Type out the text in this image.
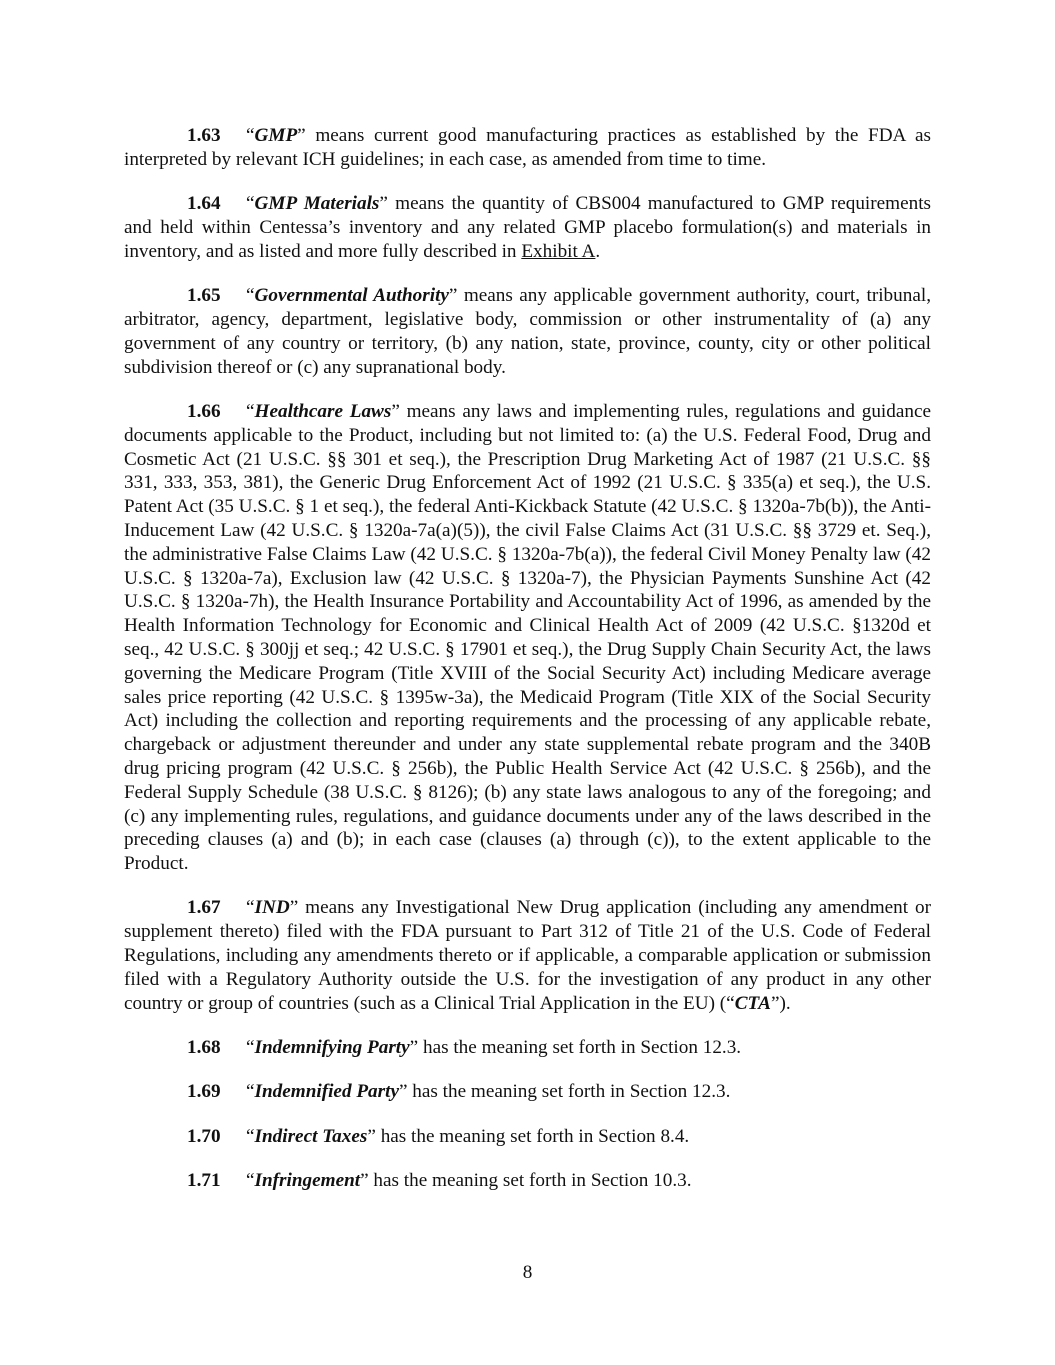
1.63 “GMP” means current good manufacturing practices as established by the FDA as interpreted by relevant ICH guidelines; in each case, as amended from time to time.

1.64 “GMP Materials” means the quantity of CBS004 manufactured to GMP requirements and held within Centessa’s inventory and any related GMP placebo formulation(s) and materials in inventory, and as listed and more fully described in Exhibit A.

1.65 “Governmental Authority” means any applicable government authority, court, tribunal, arbitrator, agency, department, legislative body, commission or other instrumentality of (a) any government of any country or territory, (b) any nation, state, province, county, city or other political subdivision thereof or (c) any supranational body.

1.66 “Healthcare Laws” means any laws and implementing rules, regulations and guidance documents applicable to the Product, including but not limited to: (a) the U.S. Federal Food, Drug and Cosmetic Act (21 U.S.C. §§ 301 et seq.), the Prescription Drug Marketing Act of 1987 (21 U.S.C. §§ 331, 333, 353, 381), the Generic Drug Enforcement Act of 1992 (21 U.S.C. § 335(a) et seq.), the U.S. Patent Act (35 U.S.C. § 1 et seq.), the federal Anti-Kickback Statute (42 U.S.C. § 1320a-7b(b)), the Anti-Inducement Law (42 U.S.C. § 1320a-7a(a)(5)), the civil False Claims Act (31 U.S.C. §§ 3729 et. Seq.), the administrative False Claims Law (42 U.S.C. § 1320a-7b(a)), the federal Civil Money Penalty law (42 U.S.C. § 1320a-7a), Exclusion law (42 U.S.C. § 1320a-7), the Physician Payments Sunshine Act (42 U.S.C. § 1320a-7h), the Health Insurance Portability and Accountability Act of 1996, as amended by the Health Information Technology for Economic and Clinical Health Act of 2009 (42 U.S.C. §1320d et seq., 42 U.S.C. § 300jj et seq.; 42 U.S.C. § 17901 et seq.), the Drug Supply Chain Security Act, the laws governing the Medicare Program (Title XVIII of the Social Security Act) including Medicare average sales price reporting (42 U.S.C. § 1395w-3a), the Medicaid Program (Title XIX of the Social Security Act) including the collection and reporting requirements and the processing of any applicable rebate, chargeback or adjustment thereunder and under any state supplemental rebate program and the 340B drug pricing program (42 U.S.C. § 256b), the Public Health Service Act (42 U.S.C. § 256b), and the Federal Supply Schedule (38 U.S.C. § 8126); (b) any state laws analogous to any of the foregoing; and (c) any implementing rules, regulations, and guidance documents under any of the laws described in the preceding clauses (a) and (b); in each case (clauses (a) through (c)), to the extent applicable to the Product.

1.67 “IND” means any Investigational New Drug application (including any amendment or supplement thereto) filed with the FDA pursuant to Part 312 of Title 21 of the U.S. Code of Federal Regulations, including any amendments thereto or if applicable, a comparable application or submission filed with a Regulatory Authority outside the U.S. for the investigation of any product in any other country or group of countries (such as a Clinical Trial Application in the EU) (“CTA”).

1.68 “Indemnifying Party” has the meaning set forth in Section 12.3.

1.69 “Indemnified Party” has the meaning set forth in Section 12.3.

1.70 “Indirect Taxes” has the meaning set forth in Section 8.4.

1.71 “Infringement” has the meaning set forth in Section 10.3.

8
